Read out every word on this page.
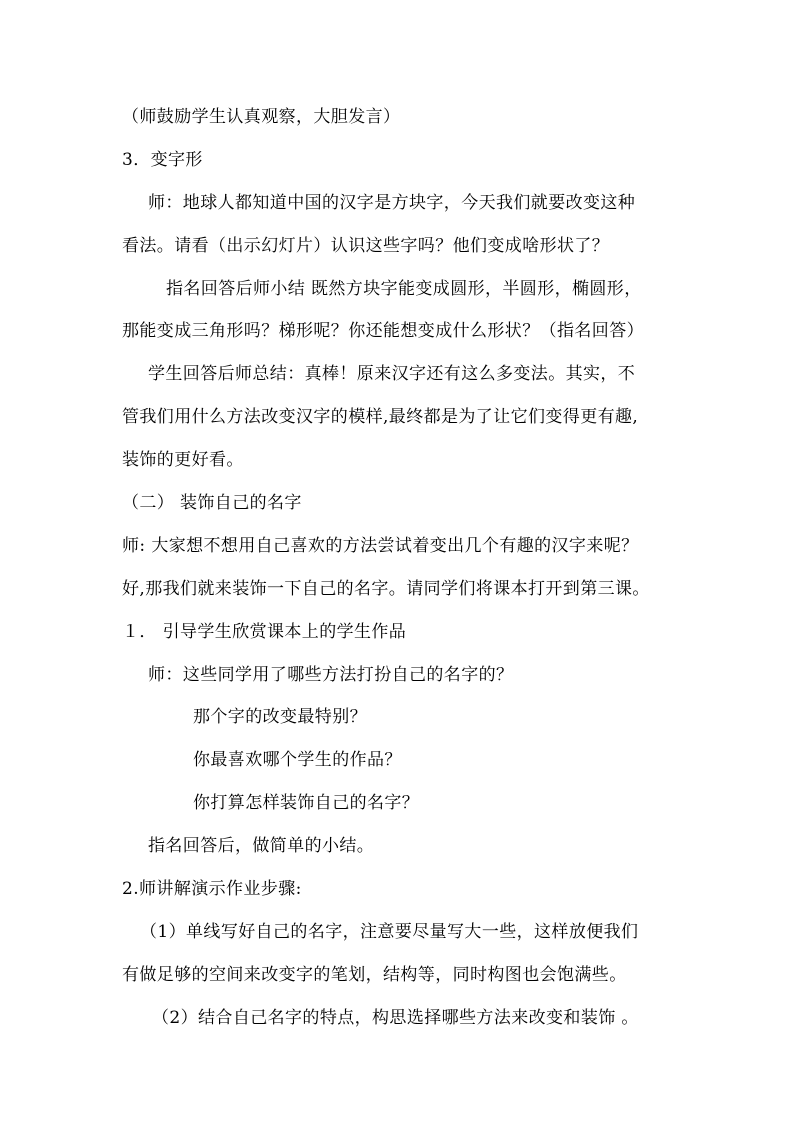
（师鼓励学生认真观察，大胆发言）
3．变字形
师：地球人都知道中国的汉字是方块字，今天我们就要改变这种
看法。请看（出示幻灯片）认识这些字吗？他们变成啥形状了？
指名回答后师小结 既然方块字能变成圆形，半圆形，椭圆形，
那能变成三角形吗？梯形呢？你还能想变成什么形状？（指名回答）
学生回答后师总结：真棒！原来汉字还有这么多变法。其实，不
管我们用什么方法改变汉字的模样,最终都是为了让它们变得更有趣,
装饰的更好看。
（二） 装饰自己的名字
师: 大家想不想用自己喜欢的方法尝试着变出几个有趣的汉字来呢？
好,那我们就来装饰一下自己的名字。请同学们将课本打开到第三课。
１． 引导学生欣赏课本上的学生作品
师：这些同学用了哪些方法打扮自己的名字的？
那个字的改变最特别？
你最喜欢哪个学生的作品？
你打算怎样装饰自己的名字？
指名回答后，做简单的小结。
2.师讲解演示作业步骤:
（1）单线写好自己的名字，注意要尽量写大一些，这样放便我们
有做足够的空间来改变字的笔划，结构等，同时构图也会饱满些。
（2）结合自己名字的特点，构思选择哪些方法来改变和装饰 。
